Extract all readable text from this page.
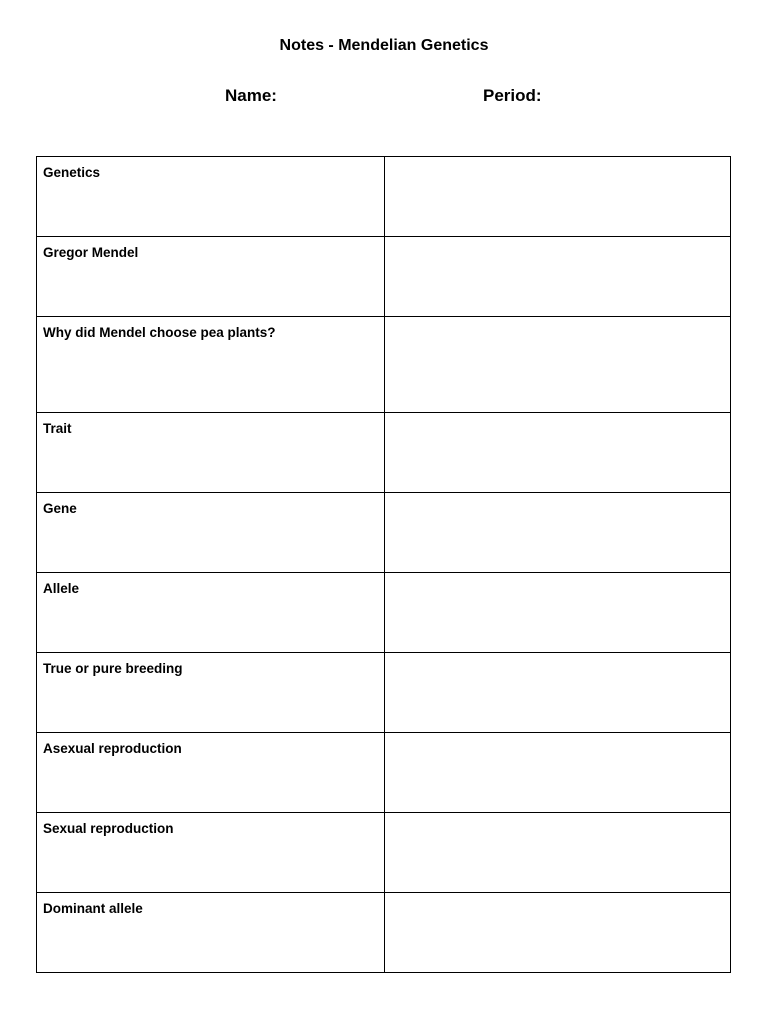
Notes - Mendelian Genetics
Name:	Period:
Genetics	

Gregor Mendel	

Why did Mendel choose pea plants?	

Trait	

Gene	

Allele	

True or pure breeding	

Asexual reproduction	

Sexual reproduction	

Dominant allele	
